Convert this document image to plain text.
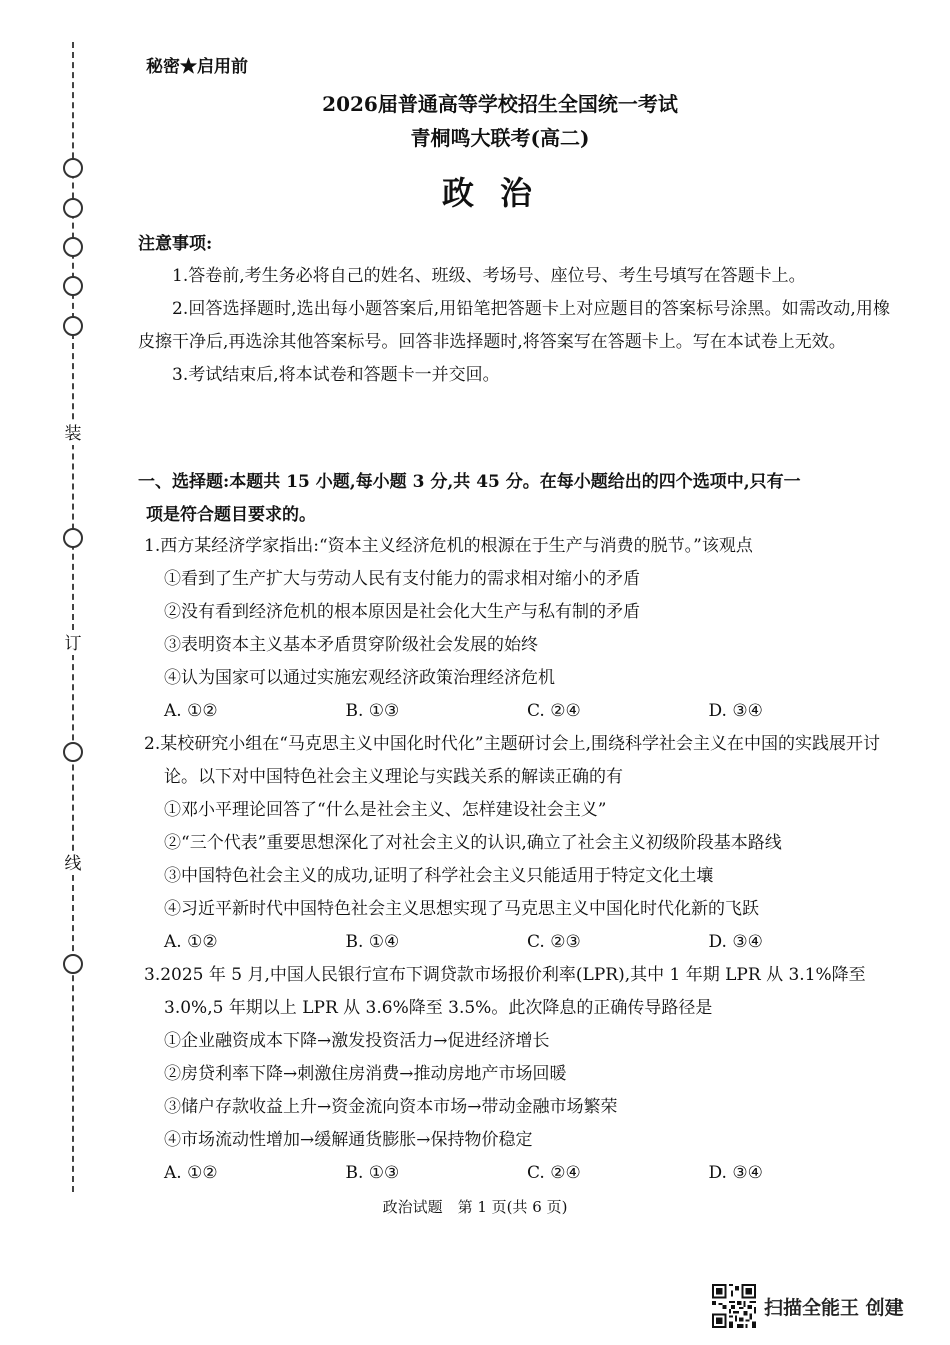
装
订
线
秘密★启用前
2026届普通高等学校招生全国统一考试
青桐鸣大联考(高二)
政治
注意事项:

1.答卷前,考生务必将自己的姓名、班级、考场号、座位号、考生号填写在答题卡上。

2.回答选择题时,选出每小题答案后,用铅笔把答题卡上对应题目的答案标号涂黑。如需改动,用橡皮擦干净后,再选涂其他答案标号。回答非选择题时,将答案写在答题卡上。写在本试卷上无效。

3.考试结束后,将本试卷和答题卡一并交回。

一、选择题:本题共 15 小题,每小题 3 分,共 45 分。在每小题给出的四个选项中,只有一
项是符合题目要求的。

1.西方某经济学家指出:“资本主义经济危机的根源在于生产与消费的脱节。”该观点

①看到了生产扩大与劳动人民有支付能力的需求相对缩小的矛盾

②没有看到经济危机的根本原因是社会化大生产与私有制的矛盾

③表明资本主义基本矛盾贯穿阶级社会发展的始终

④认为国家可以通过实施宏观经济政策治理经济危机

A. ①②	B. ①③	C. ②④	D. ③④

2.某校研究小组在“马克思主义中国化时代化”主题研讨会上,围绕科学社会主义在中国的实践展开讨论。以下对中国特色社会主义理论与实践关系的解读正确的有

①邓小平理论回答了“什么是社会主义、怎样建设社会主义”

②“三个代表”重要思想深化了对社会主义的认识,确立了社会主义初级阶段基本路线

③中国特色社会主义的成功,证明了科学社会主义只能适用于特定文化土壤

④习近平新时代中国特色社会主义思想实现了马克思主义中国化时代化新的飞跃

A. ①②	B. ①④	C. ②③	D. ③④

3.2025 年 5 月,中国人民银行宣布下调贷款市场报价利率(LPR),其中 1 年期 LPR 从 3.1%降至 3.0%,5 年期以上 LPR 从 3.6%降至 3.5%。此次降息的正确传导路径是

①企业融资成本下降→激发投资活力→促进经济增长

②房贷利率下降→刺激住房消费→推动房地产市场回暖

③储户存款收益上升→资金流向资本市场→带动金融市场繁荣

④市场流动性增加→缓解通货膨胀→保持物价稳定

A. ①②	B. ①③	C. ②④	D. ③④
政治试题　第 1 页(共 6 页)
扫描全能王 创建
